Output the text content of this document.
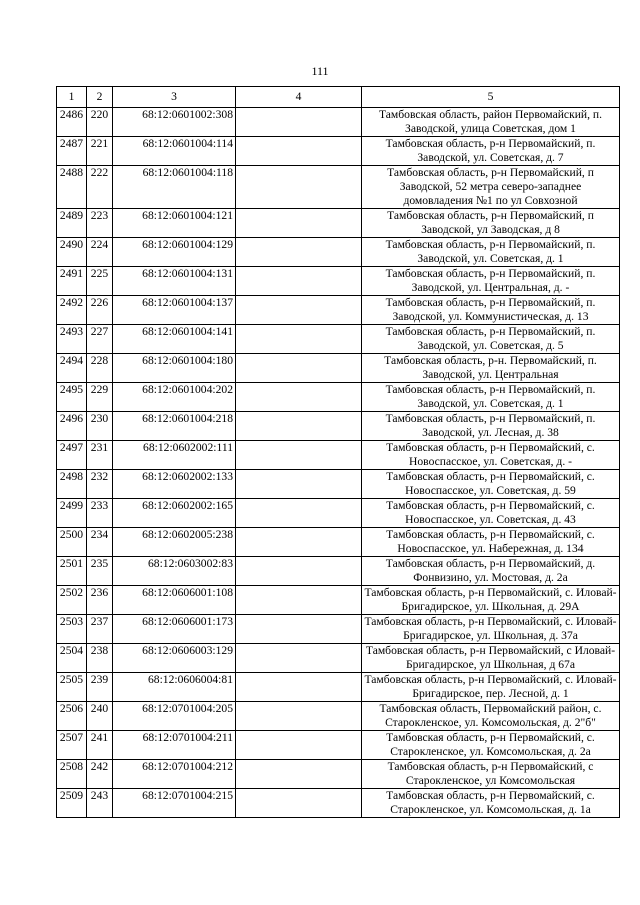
111
1	2	3	4	5
2486	220	68:12:0601002:308		Тамбовская область, район Первомайский, п. Заводской, улица Советская, дом 1
2487	221	68:12:0601004:114		Тамбовская область, р-н Первомайский, п. Заводской, ул. Советская, д. 7
2488	222	68:12:0601004:118		Тамбовская область, р-н Первомайский, п Заводской, 52 метра северо-западнее домовладения №1 по ул Совхозной
2489	223	68:12:0601004:121		Тамбовская область, р-н Первомайский, п Заводской, ул Заводская, д 8
2490	224	68:12:0601004:129		Тамбовская область, р-н Первомайский, п. Заводской, ул. Советская, д. 1
2491	225	68:12:0601004:131		Тамбовская область, р-н Первомайский, п. Заводской, ул. Центральная, д. -
2492	226	68:12:0601004:137		Тамбовская область, р-н Первомайский, п. Заводской, ул. Коммунистическая, д. 13
2493	227	68:12:0601004:141		Тамбовская область, р-н Первомайский, п. Заводской, ул. Советская, д. 5
2494	228	68:12:0601004:180		Тамбовская область, р-н. Первомайский, п. Заводской, ул. Центральная
2495	229	68:12:0601004:202		Тамбовская область, р-н Первомайский, п. Заводской, ул. Советская, д. 1
2496	230	68:12:0601004:218		Тамбовская область, р-н Первомайский, п. Заводской, ул. Лесная, д. 38
2497	231	68:12:0602002:111		Тамбовская область, р-н Первомайский, с. Новоспасское, ул. Советская, д. -
2498	232	68:12:0602002:133		Тамбовская область, р-н Первомайский, с. Новоспасское, ул. Советская, д. 59
2499	233	68:12:0602002:165		Тамбовская область, р-н Первомайский, с. Новоспасское, ул. Советская, д. 43
2500	234	68:12:0602005:238		Тамбовская область, р-н Первомайский, с. Новоспасское, ул. Набережная, д. 134
2501	235	68:12:0603002:83		Тамбовская область, р-н Первомайский, д. Фонвизино, ул. Мостовая, д. 2а
2502	236	68:12:0606001:108		Тамбовская область, р-н Первомайский, с. Иловай-Бригадирское, ул. Школьная, д. 29А
2503	237	68:12:0606001:173		Тамбовская область, р-н Первомайский, с. Иловай-Бригадирское, ул. Школьная, д. 37а
2504	238	68:12:0606003:129		Тамбовская область, р-н Первомайский, с Иловай-Бригадирское, ул Школьная, д 67а
2505	239	68:12:0606004:81		Тамбовская область, р-н Первомайский, с. Иловай-Бригадирское, пер. Лесной, д. 1
2506	240	68:12:0701004:205		Тамбовская область, Первомайский район, с. Старокленское, ул. Комсомольская, д. 2"б"
2507	241	68:12:0701004:211		Тамбовская область, р-н Первомайский, с. Старокленское, ул. Комсомольская, д. 2а
2508	242	68:12:0701004:212		Тамбовская область, р-н Первомайский, с Старокленское, ул Комсомольская
2509	243	68:12:0701004:215		Тамбовская область, р-н Первомайский, с. Старокленское, ул. Комсомольская, д. 1а
